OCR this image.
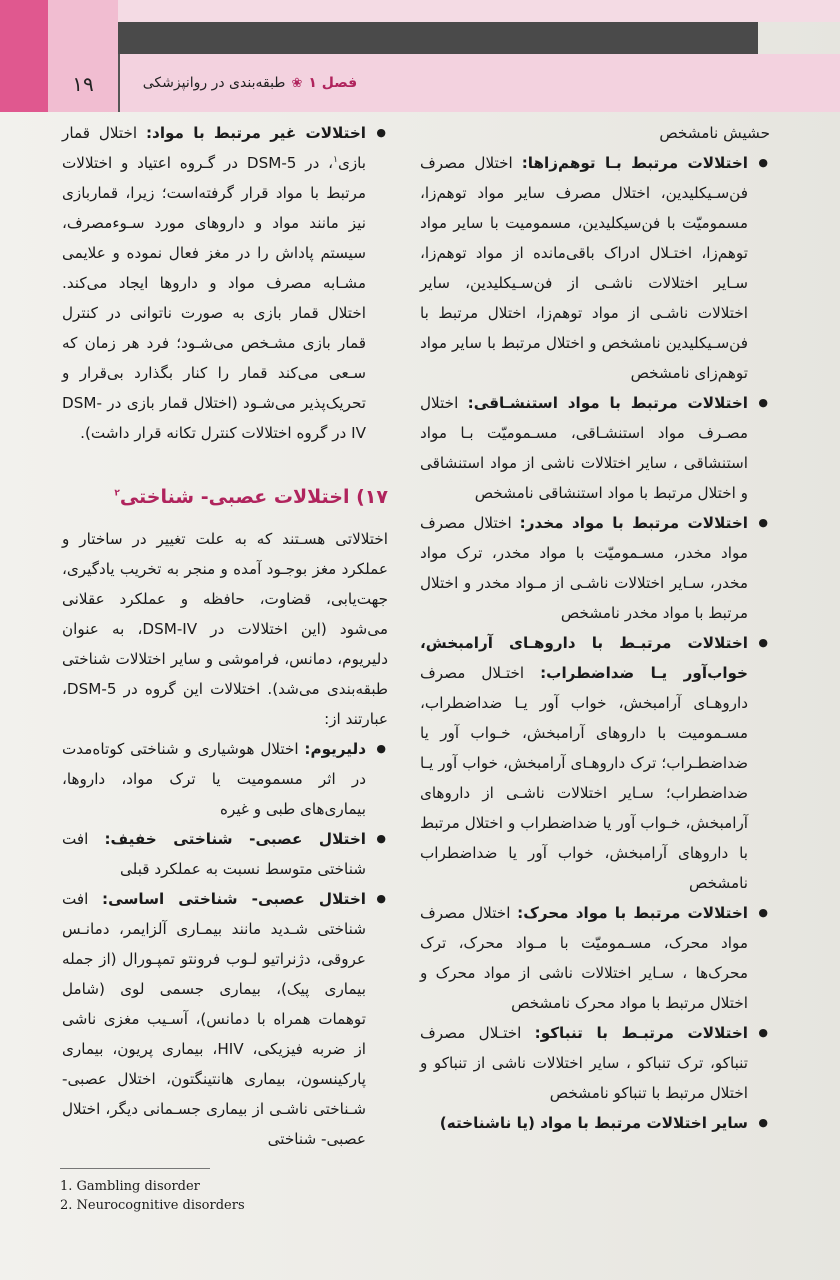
۱۹	فصل ۱
❀
طبقه‌بندی در روانپزشکی

حشیش نامشخص

● اختلالات مرتبط بـا توهم‌زاها: اختلال مصرف فن‌سـیکلیدین، اختلال مصرف سایر مواد توهم‌زا، مسمومیّت با فن‌سیکلیدین، مسمومیت با سایر مواد توهم‌زا، اختـلال ادراک باقی‌مانده از مواد توهم‌زا، سـایر اختلالات ناشـی از فن‌سـیکلیدین، سایر اختلالات ناشـی از مواد توهم‌زا، اختلال مرتبط با فن‌سـیکلیدین نامشخص و اختلال مرتبط با سایر مواد توهم‌زای نامشخص
● اختلالات مرتبط با مواد استنشـاقی: اختلال مصـرف مواد استنشـاقی، مسـمومیّت بـا مواد استنشاقی ، سایر اختلالات ناشی از مواد استنشاقی و اختلال مرتبط با مواد استنشاقی نامشخص
● اختلالات مرتبط با مواد مخدر: اختلال مصرف مواد مخدر، مسـمومیّت با مواد مخدر، ترک مواد مخدر، سـایر اختلالات ناشـی از مـواد مخدر و اختلال مرتبط با مواد مخدر نامشخص
● اختلالات مرتبـط با داروهـای آرامبخش، خواب‌آور یـا ضداضطراب: اختـلال مصرف داروهـای آرامبخش، خواب آور یـا ضداضطراب، مسـمومیت با داروهای آرامبخش، خـواب آور یا ضداضطـراب؛ ترک داروهـای آرامبخش، خواب آور یـا ضداضطراب؛ سـایر اختلالات ناشـی از داروهای آرامبخش، خـواب آور یا ضداضطراب و اختلال مرتبط با داروهای آرامبخش، خواب آور یا ضداضطراب نامشخص
● اختلالات مرتبط با مواد محرک: اختلال مصرف مواد محرک، مسـمومیّت با مـواد محرک، ترک محرک‌ها ، سـایر اختلالات ناشی از مواد محرک و اختلال مرتبط با مواد محرک نامشخص
● اختلالات مرتبـط با تنباکو: اختـلال مصرف تنباکو، ترک تنباکو ، سایر اختلالات ناشی از تنباکو و اختلال مرتبط با تنباکو نامشخص
● سایر اختلالات مرتبط با مواد (یا ناشناخته)
● اختلالات غیر مرتبط با مواد: اختلال قمار بازی$^۱$، در DSM-5 در گـروه اعتیاد و اختلالات مرتبط با مواد قرار گرفته‌است؛ زیرا، قماربازی نیز مانند مواد و داروهای مورد سـوءمصرف، سیستم پاداش را در مغز فعال نموده و علایمی مشـابه مصرف مواد و داروها ایجاد می‌کند. اختلال قمار بازی به صورت ناتوانی در کنترل قمار بازی مشـخص می‌شـود؛ فرد هر زمان که سـعی می‌کند قمار را کنار بگذارد بی‌قرار و تحریک‌پذیر می‌شـود (اختلال قمار بازی در DSM-IV در گروه اختلالات کنترل تکانه قرار داشت).
۱۷) اختلالات عصبی- شناختی$^۲$

اختلالاتی هسـتند که به علت تغییر در ساختار و عملکرد مغز بوجـود آمده و منجر به تخریب یادگیری، جهت‌یابی، قضاوت، حافظه و عملکرد عقلانی می‌شود (این اختلالات در DSM-IV، به عنوان دلیریوم، دمانس، فراموشی و سایر اختلالات شناختی طبقه‌بندی می‌شد). اختلالات این گروه در DSM-5، عبارتند از:

● دلیریوم: اختلال هوشیاری و شناختی کوتاه‌مدت در اثر مسمومیت یا ترک مواد، داروها، بیماری‌های طبی و غیره
● اختلال عصبی- شناختی خفیف: افت شناختی متوسط نسبت به عملکرد قبلی
● اختلال عصبی- شناختی اساسی: افت شناختی شـدید مانند بیمـاری آلزایمر، دمانـس عروقی، دژنراتیو لـوب فرونتو تمپـورال (از جمله بیماری پیک)، بیماری جسمی لوی (شامل توهمات همراه با دمانس)، آسـیب مغزی ناشی از ضربه فیزیکی، HIV، بیماری پریون، بیماری پارکینسون، بیماری هانتینگتون، اختلال عصبی- شـناختی ناشـی از بیماری جسـمانی دیگر، اختلال عصبی- شناختی
1. Gambling disorder
2. Neurocognitive disorders
